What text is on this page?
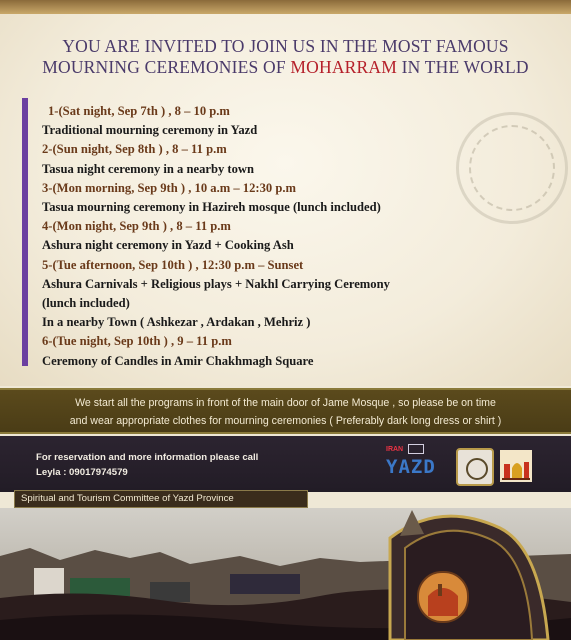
YOU ARE INVITED TO JOIN US IN THE MOST FAMOUS
MOURNING CEREMONIES OF MOHARRAM IN THE WORLD
1-(Sat night, Sep 7th ) , 8 – 10 p.m
Traditional mourning ceremony in Yazd
2-(Sun night, Sep 8th ) , 8 – 11 p.m
Tasua night ceremony in a nearby town
3-(Mon morning, Sep 9th ) , 10 a.m – 12:30 p.m
Tasua mourning ceremony in Hazireh mosque (lunch included)
4-(Mon night, Sep 9th ) , 8 – 11 p.m
Ashura night ceremony in Yazd + Cooking Ash
5-(Tue afternoon, Sep 10th ) , 12:30 p.m – Sunset
Ashura Carnivals + Religious plays + Nakhl Carrying Ceremony
(lunch included)
In a nearby Town ( Ashkezar , Ardakan , Mehriz )
6-(Tue night, Sep 10th ) , 9 – 11 p.m
Ceremony of Candles in Amir Chakhmagh Square
We start all the programs in front of the main door of Jame Mosque , so please be on time
and wear appropriate clothes for mourning ceremonies ( Preferably dark long dress or shirt )
For reservation and more information please call
Leyla : 09017974579
IRAN
YAZD
Spiritual and Tourism Committee of Yazd Province
